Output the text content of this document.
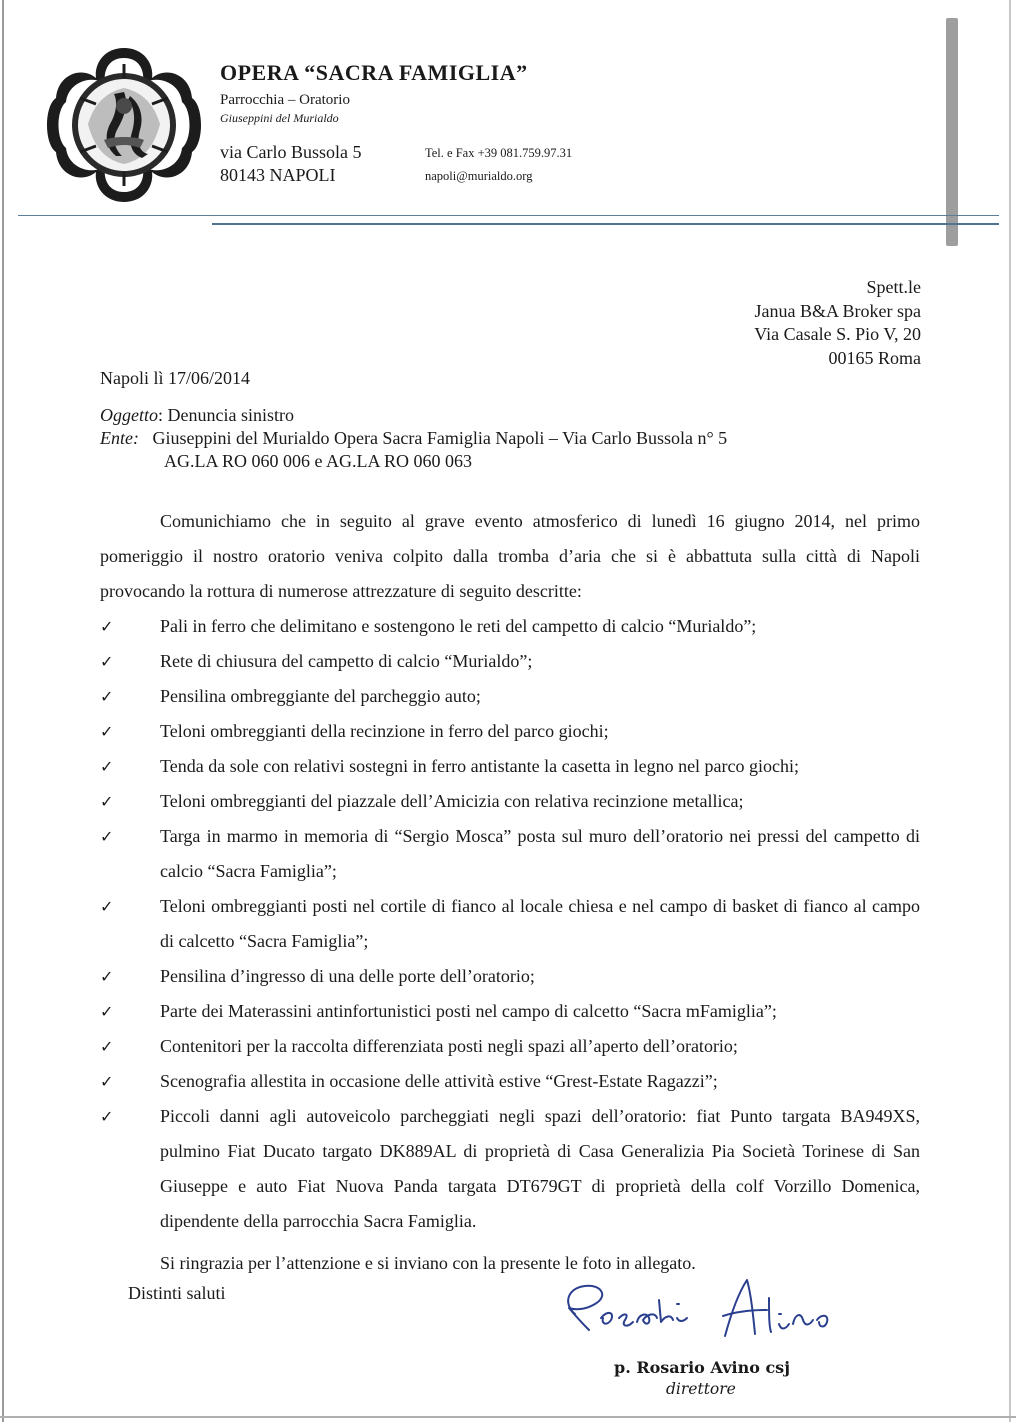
OPERA “SACRA FAMIGLIA”
Parrocchia – Oratorio
Giuseppini del Murialdo
via Carlo Bussola 5
80143 NAPOLI
Tel. e Fax +39 081.759.97.31
napoli@murialdo.org
Spett.le
Janua B&A Broker spa
Via Casale S. Pio V, 20
00165 Roma
Napoli lì 17/06/2014
Oggetto: Denuncia sinistro
Ente: Giuseppini del Murialdo Opera Sacra Famiglia Napoli – Via Carlo Bussola n° 5
AG.LA RO 060 006 e AG.LA RO 060 063

Comunichiamo che in seguito al grave evento atmosferico di lunedì 16 giugno 2014, nel primo pomeriggio il nostro oratorio veniva colpito dalla tromba d’aria che si è abbattuta sulla città di Napoli provocando la rottura di numerose attrezzature di seguito descritte:

✓	Pali in ferro che delimitano e sostengono le reti del campetto di calcio “Murialdo”;
✓	Rete di chiusura del campetto di calcio “Murialdo”;
✓	Pensilina ombreggiante del parcheggio auto;
✓	Teloni ombreggianti della recinzione in ferro del parco giochi;
✓	Tenda da sole con relativi sostegni in ferro antistante la casetta in legno nel parco giochi;
✓	Teloni ombreggianti del piazzale dell’Amicizia con relativa recinzione metallica;
✓	Targa in marmo in memoria di “Sergio Mosca” posta sul muro dell’oratorio nei pressi del campetto di calcio “Sacra Famiglia”;
✓	Teloni ombreggianti posti nel cortile di fianco al locale chiesa e nel campo di basket di fianco al campo di calcetto “Sacra Famiglia”;
✓	Pensilina d’ingresso di una delle porte dell’oratorio;
✓	Parte dei Materassini antinfortunistici posti nel campo di calcetto “Sacra mFamiglia”;
✓	Contenitori per la raccolta differenziata posti negli spazi all’aperto dell’oratorio;
✓	Scenografia allestita in occasione delle attività estive “Grest-Estate Ragazzi”;
✓	Piccoli danni agli autoveicolo parcheggiati negli spazi dell’oratorio: fiat Punto targata BA949XS, pulmino Fiat Ducato targato DK889AL di proprietà di Casa Generalizia Pia Società Torinese di San Giuseppe e auto Fiat Nuova Panda targata DT679GT di proprietà della colf Vorzillo Domenica, dipendente della parrocchia Sacra Famiglia.
Si ringrazia per l’attenzione e si inviano con la presente le foto in allegato.
Distinti saluti
p. Rosario Avino csj
direttore
